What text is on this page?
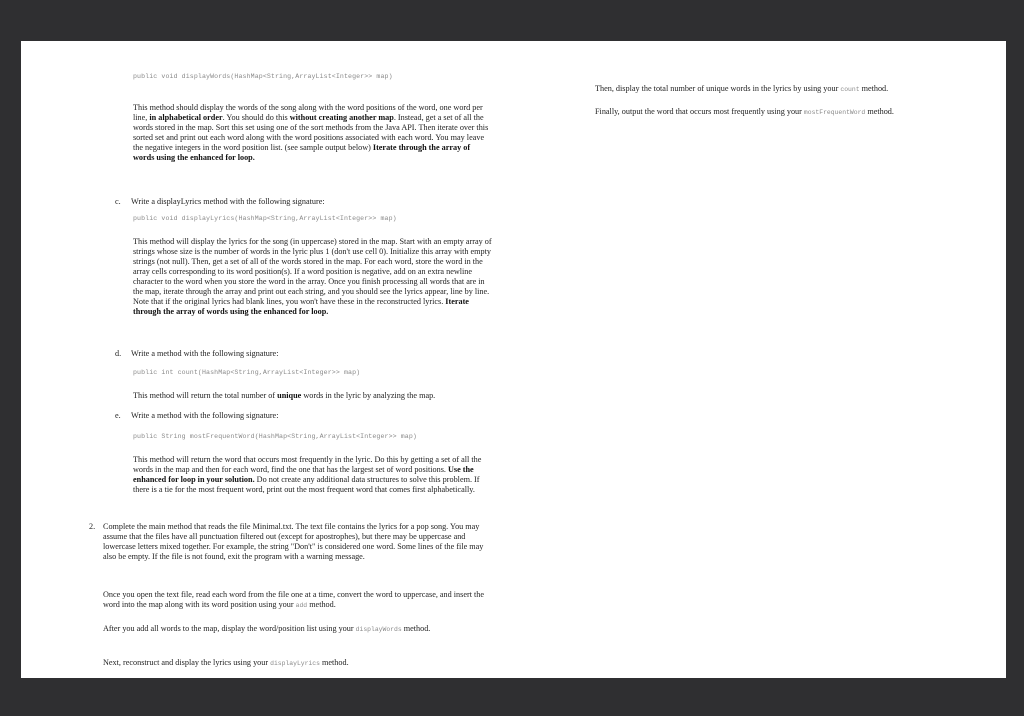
public void displayWords(HashMap<String,ArrayList<Integer>> map)

This method should display the words of the song along with the word positions of the word, one word per line, in alphabetical order. You should do this without creating another map. Instead, get a set of all the words stored in the map. Sort this set using one of the sort methods from the Java API. Then iterate over this sorted set and print out each word along with the word positions associated with each word. You may leave the negative integers in the word position list. (see sample output below) Iterate through the array of words using the enhanced for loop.

c. Write a displayLyrics method with the following signature:
public void displayLyrics(HashMap<String,ArrayList<Integer>> map)

This method will display the lyrics for the song (in uppercase) stored in the map. Start with an empty array of strings whose size is the number of words in the lyric plus 1 (don't use cell 0). Initialize this array with empty strings (not null). Then, get a set of all of the words stored in the map. For each word, store the word in the array cells corresponding to its word position(s). If a word position is negative, add on an extra newline character to the word when you store the word in the array. Once you finish processing all words that are in the map, iterate through the array and print out each string, and you should see the lyrics appear, line by line. Note that if the original lyrics had blank lines, you won't have these in the reconstructed lyrics. Iterate through the array of words using the enhanced for loop.

d. Write a method with the following signature:
public int count(HashMap<String,ArrayList<Integer>> map)

This method will return the total number of unique words in the lyric by analyzing the map.

e. Write a method with the following signature:
public String mostFrequentWord(HashMap<String,ArrayList<Integer>> map)

This method will return the word that occurs most frequently in the lyric. Do this by getting a set of all the words in the map and then for each word, find the one that has the largest set of word positions. Use the enhanced for loop in your solution. Do not create any additional data structures to solve this problem. If there is a tie for the most frequent word, print out the most frequent word that comes first alphabetically.

2. Complete the main method that reads the file Minimal.txt. The text file contains the lyrics for a pop song. You may assume that the files have all punctuation filtered out (except for apostrophes), but there may be uppercase and lowercase letters mixed together. For example, the string "Don't" is considered one word. Some lines of the file may also be empty. If the file is not found, exit the program with a warning message.

Once you open the text file, read each word from the file one at a time, convert the word to uppercase, and insert the word into the map along with its word position using your add method.

After you add all words to the map, display the word/position list using your displayWords method.

Next, reconstruct and display the lyrics using your displayLyrics method.

Then, display the total number of unique words in the lyrics by using your count method.

Finally, output the word that occurs most frequently using your mostFrequentWord method.
